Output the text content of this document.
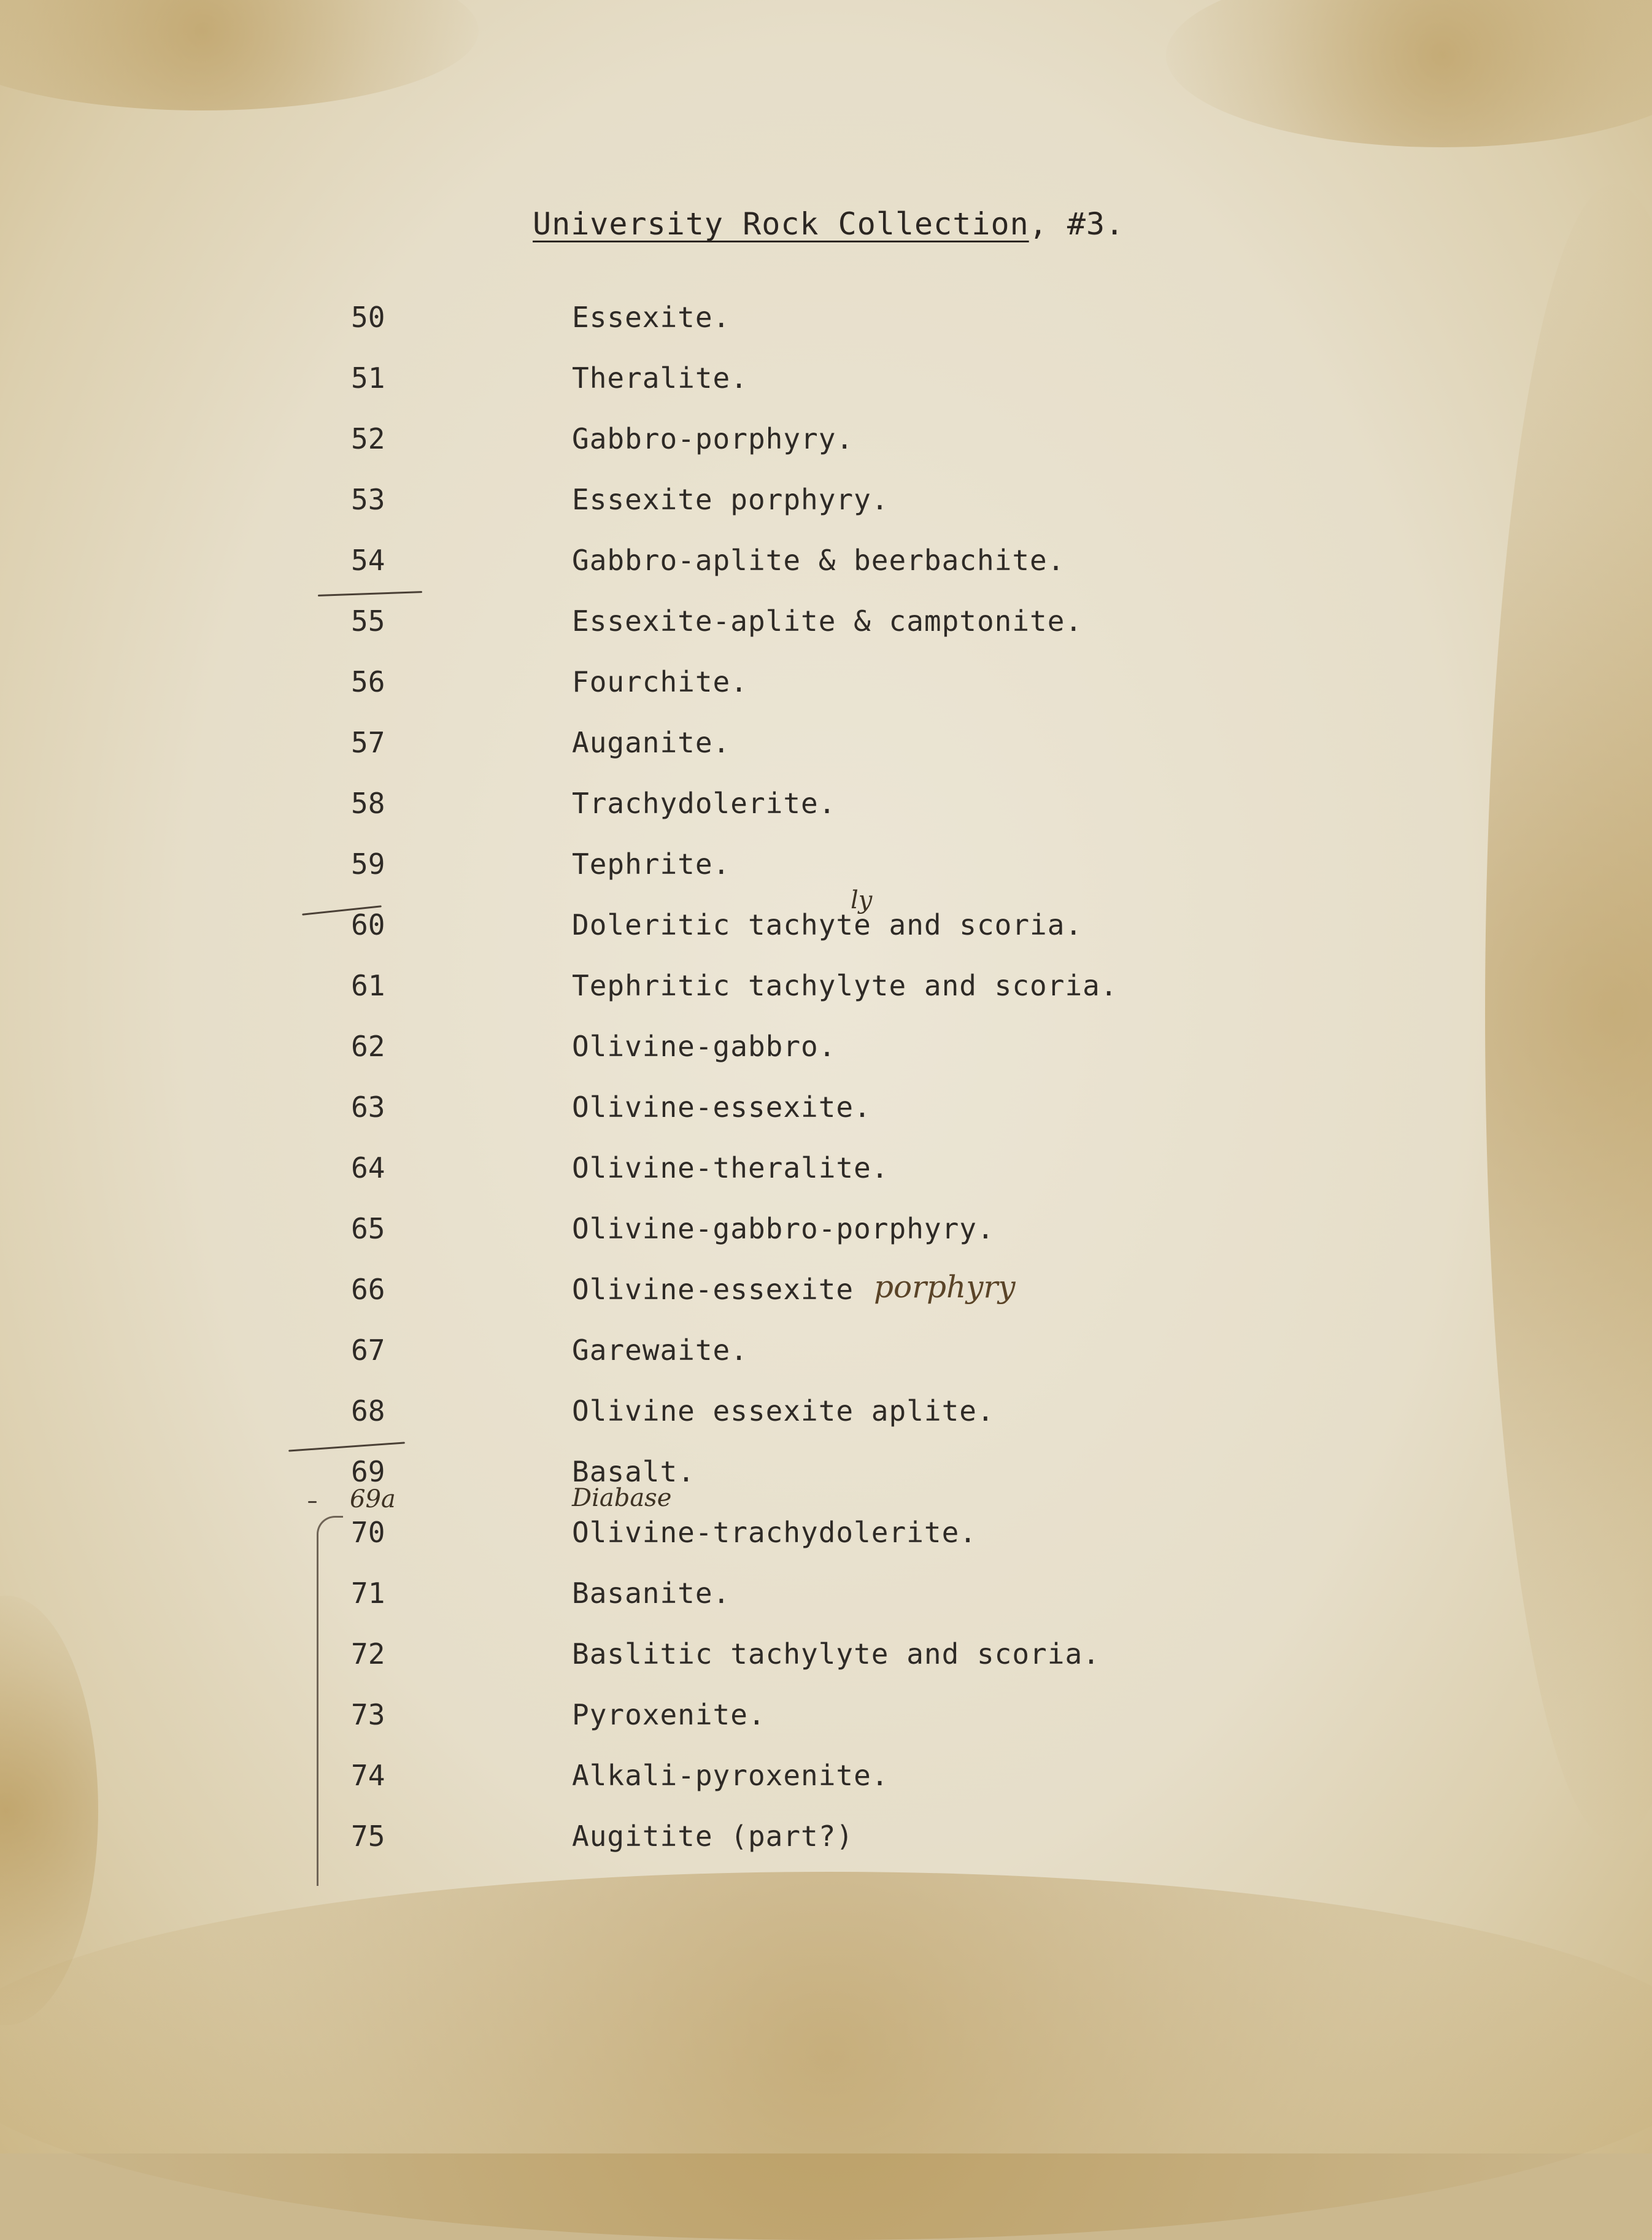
University Rock Collection, #3.
50	Essexite.
51	Theralite.
52	Gabbro-porphyry.
53	Essexite porphyry.
54	Gabbro-aplite & beerbachite.
55	Essexite-aplite & camptonite.
56	Fourchite.
57	Auganite.
58	Trachydolerite.
59	Tephrite.
60	Doleritic tachyte and scoria.
61	Tephritic tachylyte and scoria.
62	Olivine-gabbro.
63	Olivine-essexite.
64	Olivine-theralite.
65	Olivine-gabbro-porphyry.
66	Olivine-essexite
67	Garewaite.
68	Olivine essexite aplite.
69	Basalt.
70	Olivine-trachydolerite.
71	Basanite.
72	Baslitic tachylyte and scoria.
73	Pyroxenite.
74	Alkali-pyroxenite.
75	Augitite (part?)
ly
porphyry
69a	Diabase
